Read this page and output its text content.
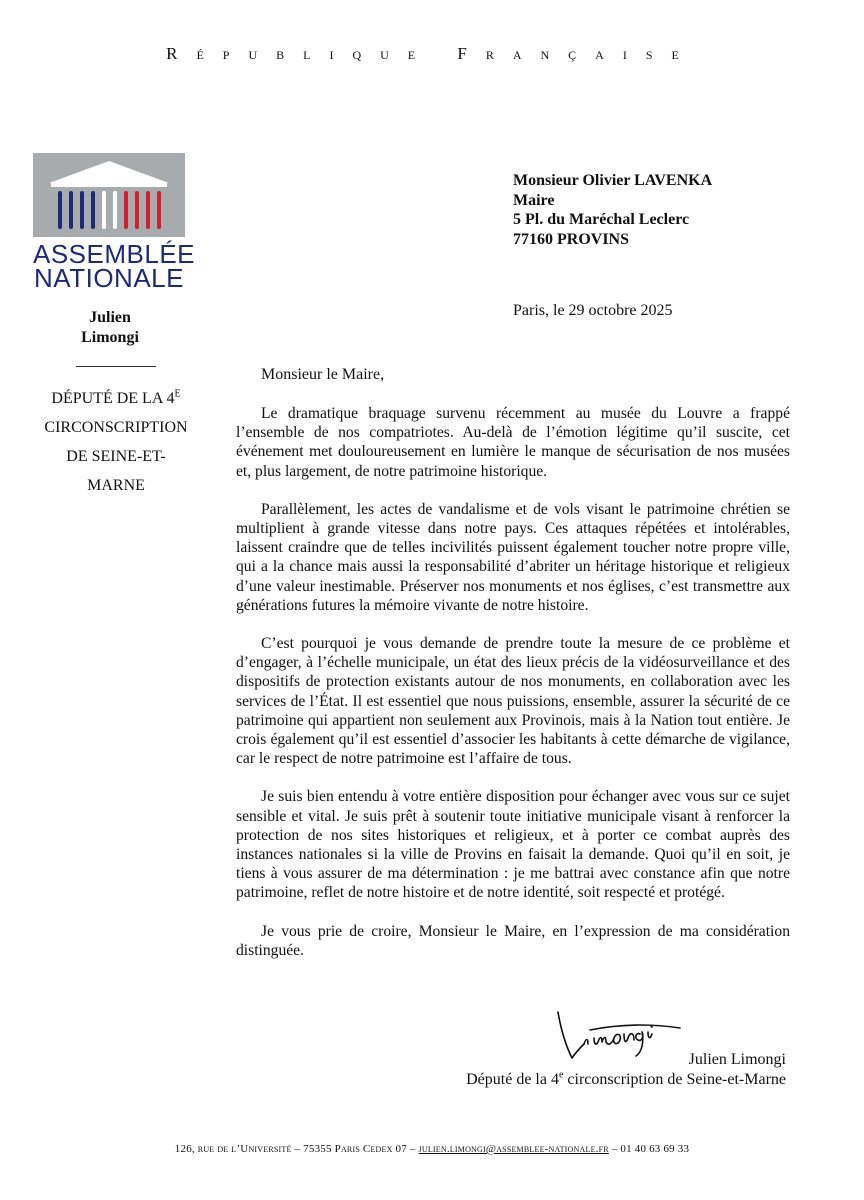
République Française
ASSEMBLÉE
NATIONALE
Julien
Limongi
DÉPUTÉ DE LA $4^E$
CIRCONSCRIPTION
DE SEINE-ET-
MARNE
Monsieur Olivier LAVENKA
Maire
5 Pl. du Maréchal Leclerc
77160 PROVINS
Paris, le 29 octobre 2025
Monsieur le Maire,

Le dramatique braquage survenu récemment au musée du Louvre a frappé l’ensemble de nos compatriotes. Au-delà de l’émotion légitime qu’il suscite, cet événement met douloureusement en lumière le manque de sécurisation de nos musées et, plus largement, de notre patrimoine historique.

Parallèlement, les actes de vandalisme et de vols visant le patrimoine chrétien se multiplient à grande vitesse dans notre pays. Ces attaques répétées et intolérables, laissent craindre que de telles incivilités puissent également toucher notre propre ville, qui a la chance mais aussi la responsabilité d’abriter un héritage historique et religieux d’une valeur inestimable. Préserver nos monuments et nos églises, c’est transmettre aux générations futures la mémoire vivante de notre histoire.

C’est pourquoi je vous demande de prendre toute la mesure de ce problème et d’engager, à l’échelle municipale, un état des lieux précis de la vidéosurveillance et des dispositifs de protection existants autour de nos monuments, en collaboration avec les services de l’État. Il est essentiel que nous puissions, ensemble, assurer la sécurité de ce patrimoine qui appartient non seulement aux Provinois, mais à la Nation tout entière. Je crois également qu’il est essentiel d’associer les habitants à cette démarche de vigilance, car le respect de notre patrimoine est l’affaire de tous.

Je suis bien entendu à votre entière disposition pour échanger avec vous sur ce sujet sensible et vital. Je suis prêt à soutenir toute initiative municipale visant à renforcer la protection de nos sites historiques et religieux, et à porter ce combat auprès des instances nationales si la ville de Provins en faisait la demande. Quoi qu’il en soit, je tiens à vous assurer de ma détermination : je me battrai avec constance afin que notre patrimoine, reflet de notre histoire et de notre identité, soit respecté et protégé.

Je vous prie de croire, Monsieur le Maire, en l’expression de ma considération distinguée.

Julien Limongi
Député de la 4e circonscription de Seine-et-Marne
126, rue de l’Université – 75355 Paris Cedex 07 – julien.limongi@assemblee-nationale.fr – 01 40 63 69 33
